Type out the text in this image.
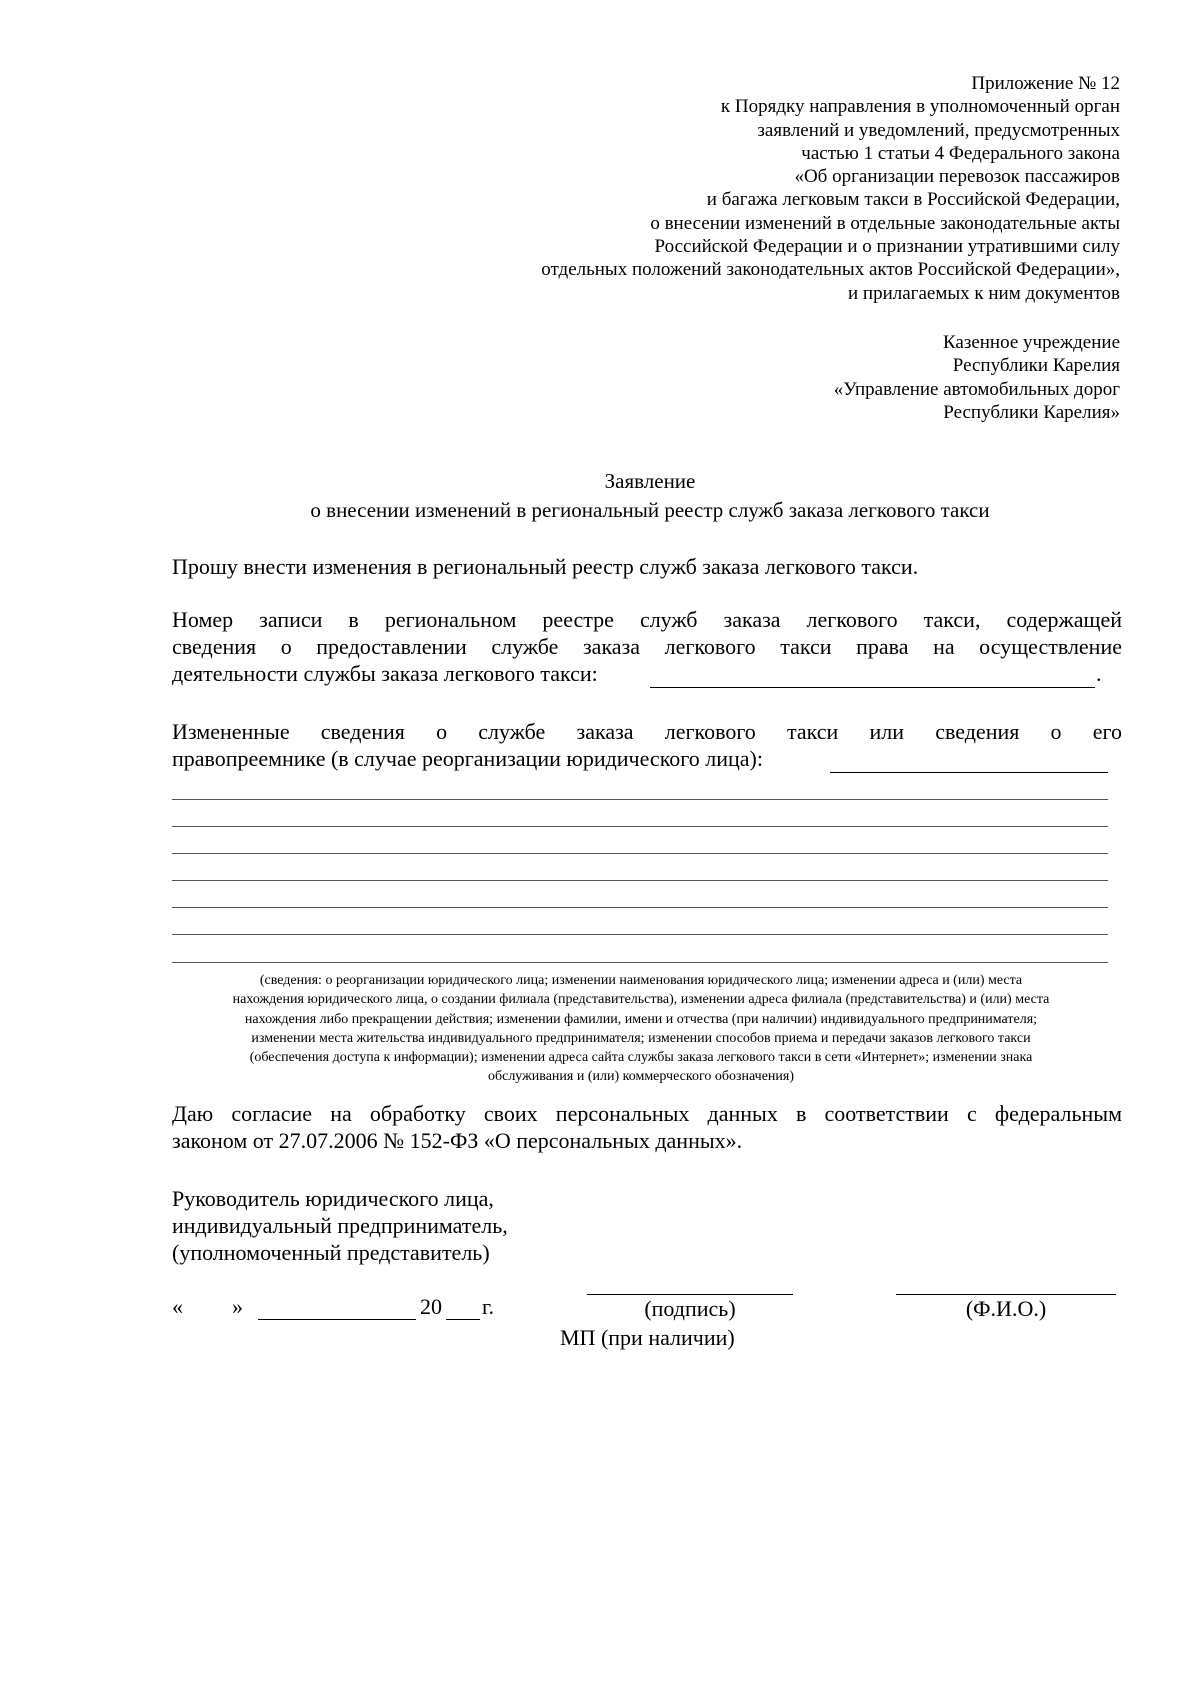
Приложение № 12
к Порядку направления в уполномоченный орган
заявлений и уведомлений, предусмотренных
частью 1 статьи 4 Федерального закона
«Об организации перевозок пассажиров
и багажа легковым такси в Российской Федерации,
о внесении изменений в отдельные законодательные акты
Российской Федерации и о признании утратившими силу
отдельных положений законодательных актов Российской Федерации»,
и прилагаемых к ним документов
Казенное учреждение
Республики Карелия
«Управление автомобильных дорог
Республики Карелия»
Заявление
о внесении изменений в региональный реестр служб заказа легкового такси
Прошу внести изменения в региональный реестр служб заказа легкового такси.
Номер записи в региональном реестре служб заказа легкового такси, содержащей
сведения о предоставлении службе заказа легкового такси права на осуществление
деятельности службы заказа легкового такси:	.
Измененные сведения о службе заказа легкового такси или сведения о его
правопреемнике (в случае реорганизации юридического лица):
(сведения: о реорганизации юридического лица; изменении наименования юридического лица; изменении адреса и (или) места
нахождения юридического лица, о создании филиала (представительства), изменении адреса филиала (представительства) и (или) места
нахождения либо прекращении действия; изменении фамилии, имени и отчества (при наличии) индивидуального предпринимателя;
изменении места жительства индивидуального предпринимателя; изменении способов приема и передачи заказов легкового такси
(обеспечения доступа к информации); изменении адреса сайта службы заказа легкового такси в сети «Интернет»; изменении знака
обслуживания и (или) коммерческого обозначения)
Даю согласие на обработку своих персональных данных в соответствии с федеральным
законом от 27.07.2006 № 152-ФЗ «О персональных данных».
Руководитель юридического лица,
индивидуальный предприниматель,
(уполномоченный представитель)
« »	20 г.	(подпись)	(Ф.И.О.)
МП (при наличии)
